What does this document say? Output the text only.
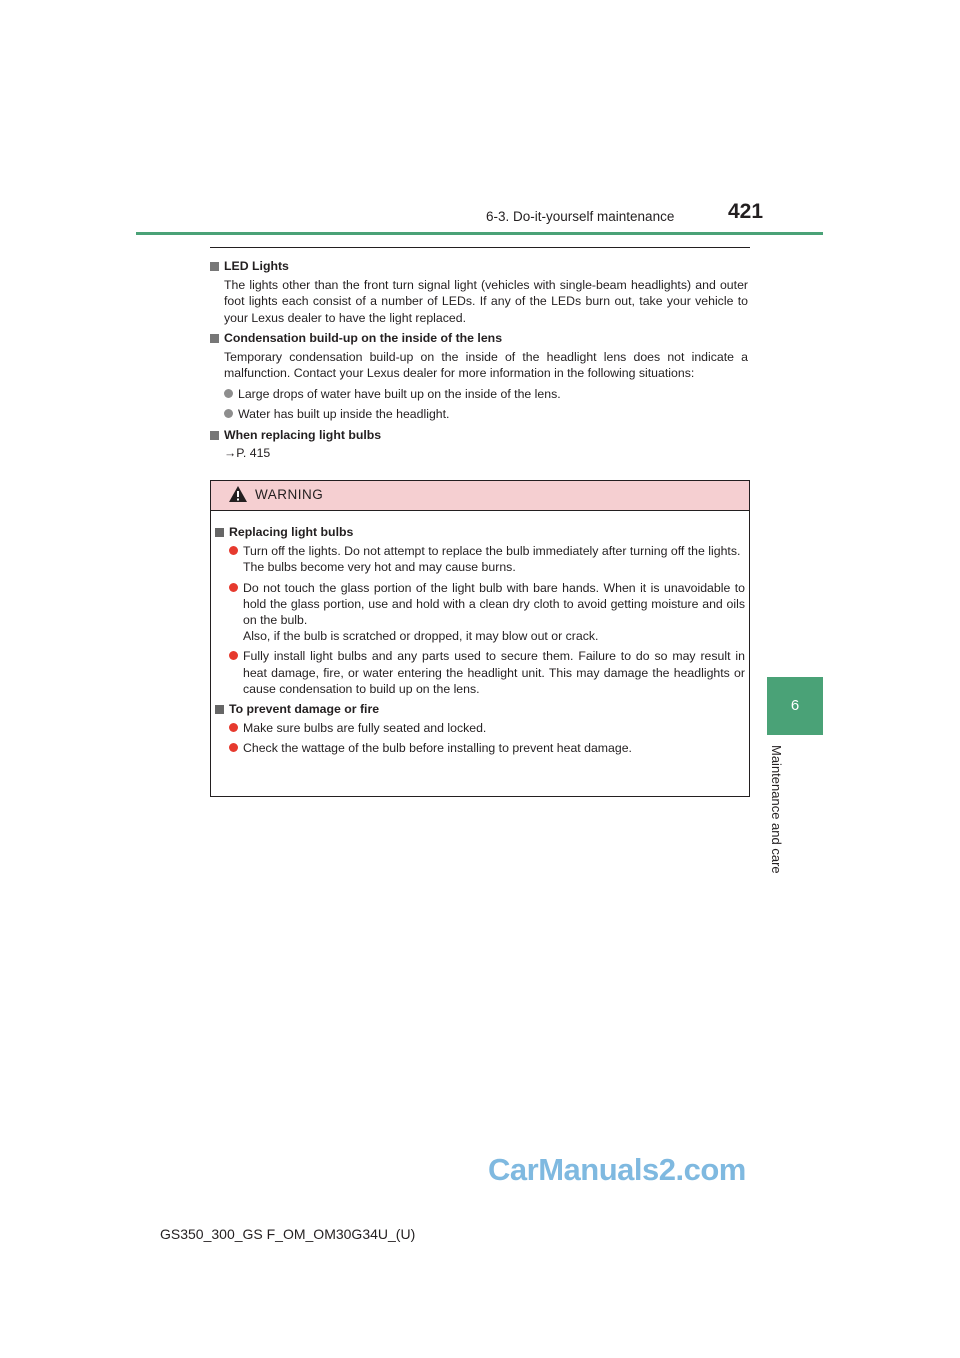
6-3. Do-it-yourself maintenance	421
6
Maintenance and care
LED Lights
The lights other than the front turn signal light (vehicles with single-beam headlights) and outer foot lights each consist of a number of LEDs. If any of the LEDs burn out, take your vehicle to your Lexus dealer to have the light replaced.
Condensation build-up on the inside of the lens
Temporary condensation build-up on the inside of the headlight lens does not indicate a malfunction. Contact your Lexus dealer for more information in the following situations:
Large drops of water have built up on the inside of the lens.
Water has built up inside the headlight.
When replacing light bulbs
→P. 415
WARNING
Replacing light bulbs
Turn off the lights. Do not attempt to replace the bulb immediately after turning off the lights.
The bulbs become very hot and may cause burns.
Do not touch the glass portion of the light bulb with bare hands. When it is unavoidable to hold the glass portion, use and hold with a clean dry cloth to avoid getting moisture and oils on the bulb.
Also, if the bulb is scratched or dropped, it may blow out or crack.
Fully install light bulbs and any parts used to secure them. Failure to do so may result in heat damage, fire, or water entering the headlight unit. This may damage the headlights or cause condensation to build up on the lens.
To prevent damage or fire
Make sure bulbs are fully seated and locked.
Check the wattage of the bulb before installing to prevent heat damage.
CarManuals2.com
GS350_300_GS F_OM_OM30G34U_(U)
